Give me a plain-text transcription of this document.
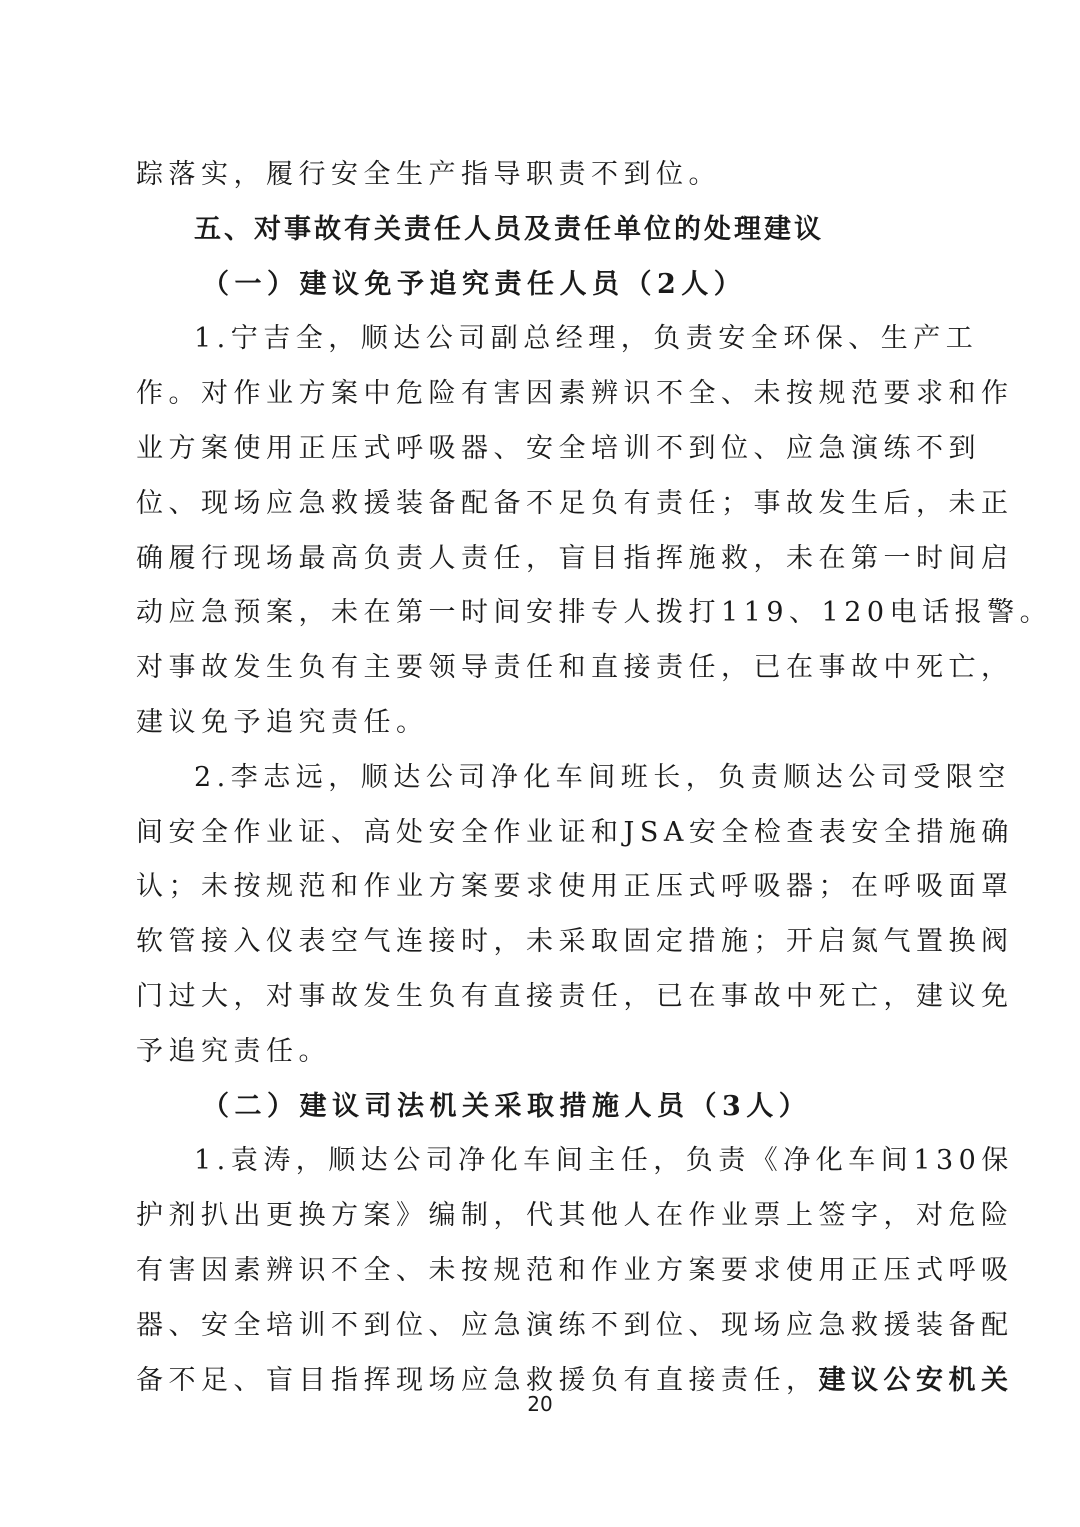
踪落实，履行安全生产指导职责不到位。
五、对事故有关责任人员及责任单位的处理建议
（一）建议免予追究责任人员（2人）
1.宁吉全，顺达公司副总经理，负责安全环保、生产工
作。对作业方案中危险有害因素辨识不全、未按规范要求和作
业方案使用正压式呼吸器、安全培训不到位、应急演练不到
位、现场应急救援装备配备不足负有责任；事故发生后，未正
确履行现场最高负责人责任，盲目指挥施救，未在第一时间启
动应急预案，未在第一时间安排专人拨打119、120电话报警。
对事故发生负有主要领导责任和直接责任，已在事故中死亡，
建议免予追究责任。
2.李志远，顺达公司净化车间班长，负责顺达公司受限空
间安全作业证、高处安全作业证和JSA安全检查表安全措施确
认；未按规范和作业方案要求使用正压式呼吸器；在呼吸面罩
软管接入仪表空气连接时，未采取固定措施；开启氮气置换阀
门过大，对事故发生负有直接责任，已在事故中死亡，建议免
予追究责任。
（二）建议司法机关采取措施人员（3人）
1.袁涛，顺达公司净化车间主任，负责《净化车间130保
护剂扒出更换方案》编制，代其他人在作业票上签字，对危险
有害因素辨识不全、未按规范和作业方案要求使用正压式呼吸
器、安全培训不到位、应急演练不到位、现场应急救援装备配
备不足、盲目指挥现场应急救援负有直接责任，建议公安机关
20
